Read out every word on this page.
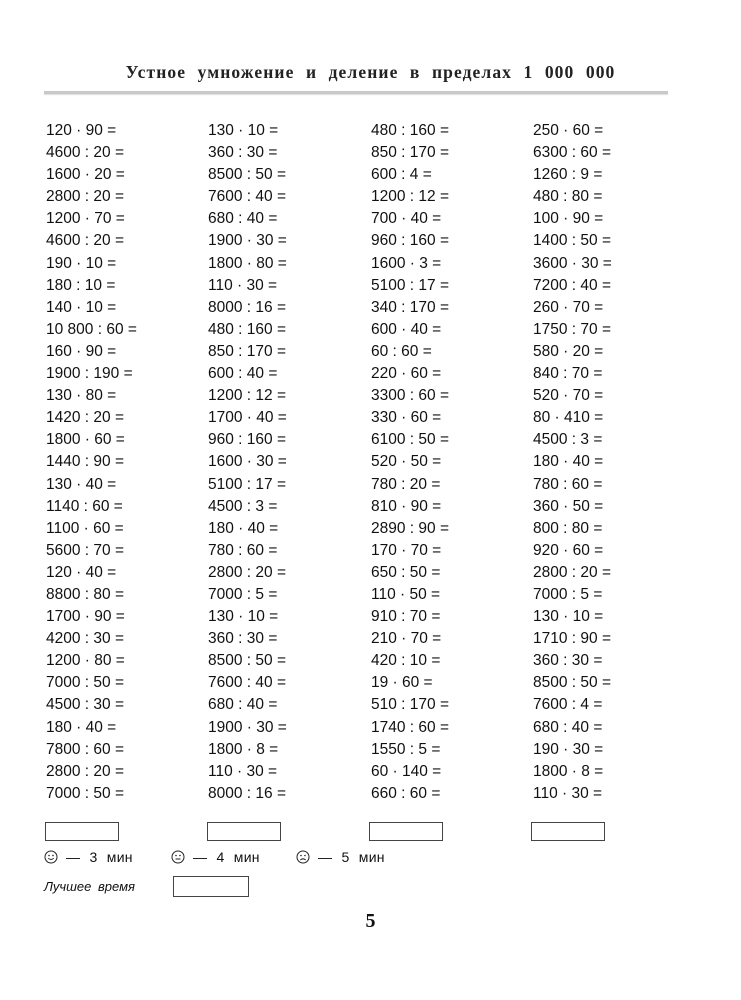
Устное умножение и деление в пределах 1 000 000
120 · 90 =
4600 : 20 =
1600 · 20 =
2800 : 20 =
1200 · 70 =
4600 : 20 =
190 · 10 =
180 : 10 =
140 · 10 =
10 800 : 60 =
160 · 90 =
1900 : 190 =
130 · 80 =
1420 : 20 =
1800 · 60 =
1440 : 90 =
130 · 40 =
1140 : 60 =
1100 · 60 =
5600 : 70 =
120 · 40 =
8800 : 80 =
1700 · 90 =
4200 : 30 =
1200 · 80 =
7000 : 50 =
4500 : 30 =
180 · 40 =
7800 : 60 =
2800 : 20 =
7000 : 50 =
130 · 10 =
360 : 30 =
8500 : 50 =
7600 : 40 =
680 : 40 =
1900 · 30 =
1800 · 80 =
110 · 30 =
8000 : 16 =
480 : 160 =
850 : 170 =
600 : 40 =
1200 : 12 =
1700 · 40 =
960 : 160 =
1600 · 30 =
5100 : 17 =
4500 : 3 =
180 · 40 =
780 : 60 =
2800 : 20 =
7000 : 5 =
130 · 10 =
360 : 30 =
8500 : 50 =
7600 : 40 =
680 : 40 =
1900 · 30 =
1800 · 8 =
110 · 30 =
8000 : 16 =
480 : 160 =
850 : 170 =
600 : 4 =
1200 : 12 =
700 · 40 =
960 : 160 =
1600 · 3 =
5100 : 17 =
340 : 170 =
600 · 40 =
60 : 60 =
220 · 60 =
3300 : 60 =
330 · 60 =
6100 : 50 =
520 · 50 =
780 : 20 =
810 · 90 =
2890 : 90 =
170 · 70 =
650 : 50 =
110 · 50 =
910 : 70 =
210 · 70 =
420 : 10 =
19 · 60 =
510 : 170 =
1740 : 60 =
1550 : 5 =
60 · 140 =
660 : 60 =
250 · 60 =
6300 : 60 =
1260 : 9 =
480 : 80 =
100 · 90 =
1400 : 50 =
3600 · 30 =
7200 : 40 =
260 · 70 =
1750 : 70 =
580 · 20 =
840 : 70 =
520 · 70 =
80 · 410 =
4500 : 3 =
180 · 40 =
780 : 60 =
360 · 50 =
800 : 80 =
920 · 60 =
2800 : 20 =
7000 : 5 =
130 · 10 =
1710 : 90 =
360 : 30 =
8500 : 50 =
7600 : 4 =
680 : 40 =
190 · 30 =
1800 · 8 =
110 · 30 =
— 3 мин	— 4 мин	— 5 мин
Лучшее время
5
